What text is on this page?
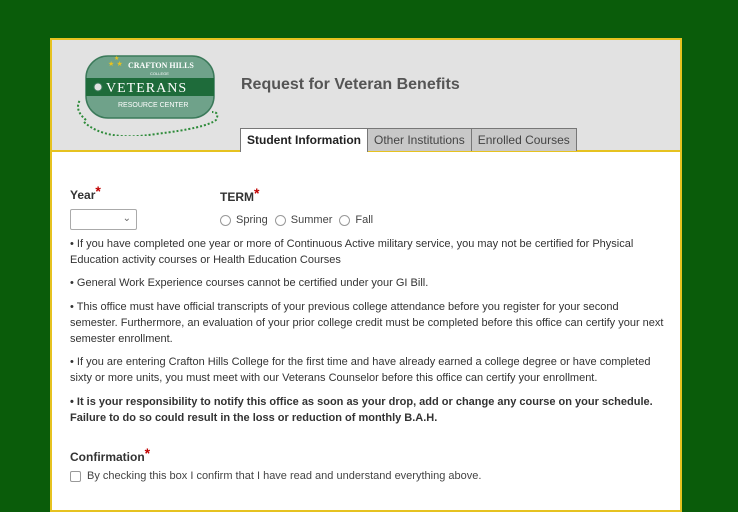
★ ★
★
CRAFTON HILLS
COLLEGE
VETERANS
RESOURCE CENTER
Request for Veteran Benefits
Student Information	Other Institutions	Enrolled Courses
Year*
⌄
TERM*
Spring Summer Fall
• If you have completed one year or more of Continuous Active military service, you may not be certified for Physical Education activity courses or Health Education Courses
• General Work Experience courses cannot be certified under your GI Bill.
• This office must have official transcripts of your previous college attendance before you register for your second semester. Furthermore, an evaluation of your prior college credit must be completed before this office can certify your next semester enrollment.
• If you are entering Crafton Hills College for the first time and have already earned a college degree or have completed sixty or more units, you must meet with our Veterans Counselor before this office can certify your enrollment.
• It is your responsibility to notify this office as soon as your drop, add or change any course on your schedule. Failure to do so could result in the loss or reduction of monthly B.A.H.
Confirmation*
By checking this box I confirm that I have read and understand everything above.
